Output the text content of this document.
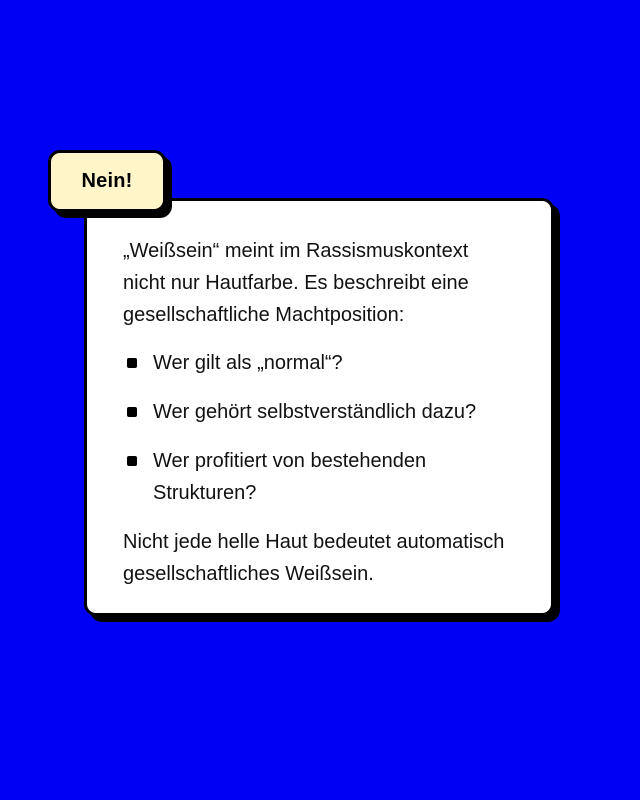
„Weißsein“ meint im Rassismuskontext nicht nur Hautfarbe. Es beschreibt eine gesellschaftliche Machtposition:

Wer gilt als „normal“?
Wer gehört selbstverständlich dazu?
Wer profitiert von bestehenden Strukturen?

Nicht jede helle Haut bedeutet automatisch gesellschaftliches Weißsein.

Nein!
